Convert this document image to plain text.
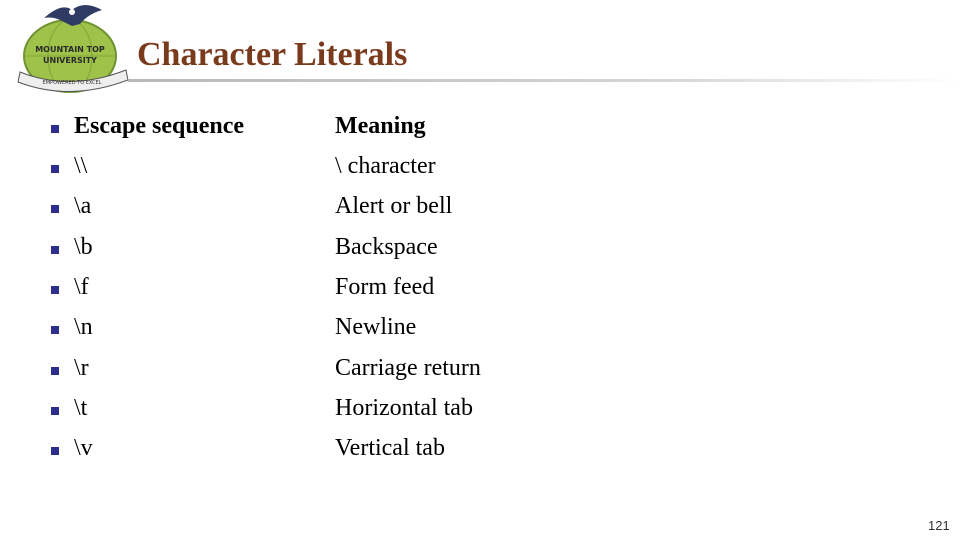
MOUNTAIN TOP
UNIVERSITY
EMPOWERED TO EXCEL
Character Literals
Escape sequence	Meaning
\\	\ character
\a	Alert or bell
\b	Backspace
\f	Form feed
\n	Newline
\r	Carriage return
\t	Horizontal tab
\v	Vertical tab
121
